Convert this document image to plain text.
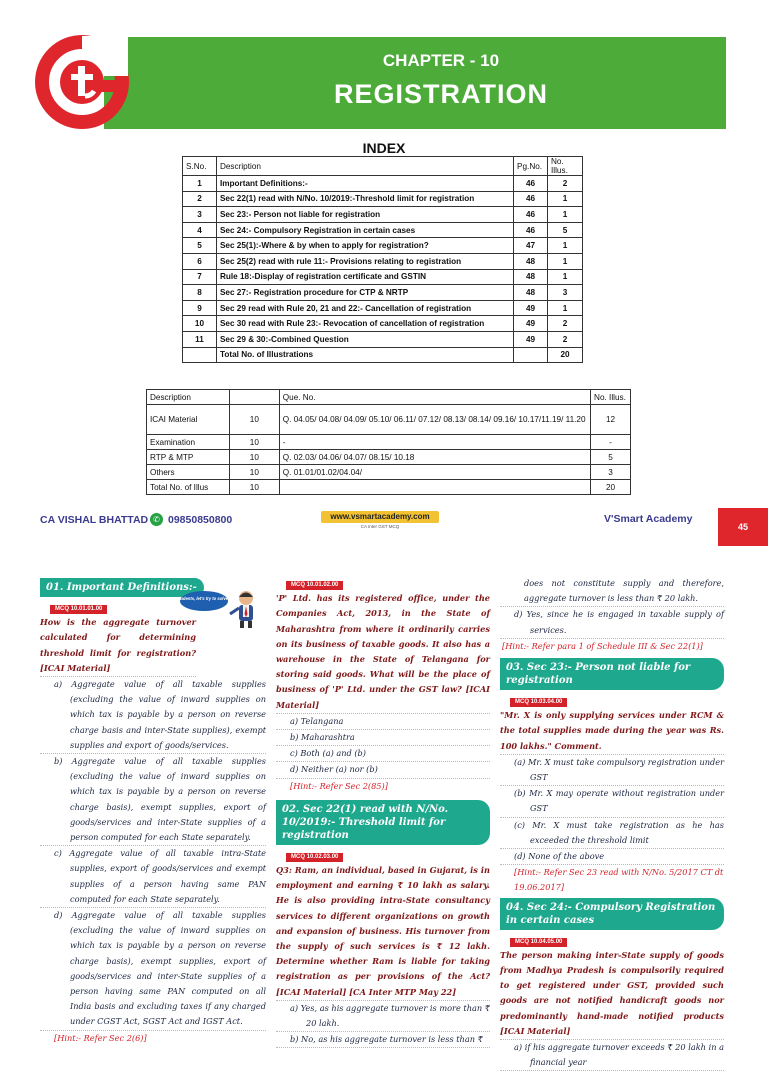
CHAPTER - 10
REGISTRATION
INDEX
S.No.	Description	Pg.No.	No. Illus.
1	Important Definitions:-	46	2
2	Sec 22(1) read with N/No. 10/2019:-Threshold limit for registration	46	1
3	Sec 23:- Person not liable for registration	46	1
4	Sec 24:- Compulsory Registration in certain cases	46	5
5	Sec 25(1):-Where & by when to apply for registration?	47	1
6	Sec 25(2) read with rule 11:- Provisions relating to registration	48	1
7	Rule 18:-Display of registration certificate and GSTIN	48	1
8	Sec 27:- Registration procedure for CTP & NRTP	48	3
9	Sec 29 read with Rule 20, 21 and 22:- Cancellation of registration	49	1
10	Sec 30 read with Rule 23:- Revocation of cancellation of registration	49	2
11	Sec 29 & 30:-Combined Question	49	2
	Total No. of Illustrations		20
Description		Que. No.	No. Illus.
ICAI Material	10	Q. 04.05/ 04.08/ 04.09/ 05.10/ 06.11/ 07.12/ 08.13/ 08.14/ 09.16/ 10.17/11.19/ 11.20	12
Examination	10	-	-
RTP & MTP	10	Q. 02.03/ 04.06/ 04.07/ 08.15/ 10.18	5
Others	10	Q. 01.01/01.02/04.04/	3
Total No. of Illus	10		20
CA VISHAL BHATTAD ✆ 09850850800	www.vsmartacademy.com
CA Inter GST MCQ
V'Smart Academy
45
01. Important Definitions:-
MCQ 10.01.01.00
How is the aggregate turnover calculated for determining threshold limit for registration? [ICAI Material]
a) Aggregate value of all taxable supplies (excluding the value of inward supplies on which tax is payable by a person on reverse charge basis and inter-State supplies), exempt supplies and export of goods/services.
b) Aggregate value of all taxable supplies (excluding the value of inward supplies on which tax is payable by a person on reverse charge basis), exempt supplies, export of goods/services and inter-State supplies of a person computed for each State separately.
c) Aggregate value of all taxable intra-State supplies, export of goods/services and exempt supplies of a person having same PAN computed for each State separately.
d) Aggregate value of all taxable supplies (excluding the value of inward supplies on which tax is payable by a person on reverse charge basis), exempt supplies, export of goods/services and inter-State supplies of a person having same PAN computed on all India basis and excluding taxes if any charged under CGST Act, SGST Act and IGST Act.
[Hint:- Refer Sec 2(6)]
Students, let's try to solve it
MCQ 10.01.02.00
'P' Ltd. has its registered office, under the Companies Act, 2013, in the State of Maharashtra from where it ordinarily carries on its business of taxable goods. It also has a warehouse in the State of Telangana for storing said goods. What will be the place of business of 'P' Ltd. under the GST law? [ICAI Material]
a) Telangana
b) Maharashtra
c) Both (a) and (b)
d) Neither (a) nor (b)
[Hint:- Refer Sec 2(85)]
02. Sec 22(1) read with N/No. 10/2019:- Threshold limit for registration
MCQ 10.02.03.00
Q3: Ram, an individual, based in Gujarat, is in employment and earning ₹ 10 lakh as salary. He is also providing intra-State consultancy services to different organizations on growth and expansion of business. His turnover from the supply of such services is ₹ 12 lakh. Determine whether Ram is liable for taking registration as per provisions of the Act? [ICAI Material] [CA Inter MTP May 22]
a) Yes, as his aggregate turnover is more than ₹ 20 lakh.
b) No, as his aggregate turnover is less than ₹
does not constitute supply and therefore, aggregate turnover is less than ₹ 20 lakh.
d) Yes, since he is engaged in taxable supply of services.
[Hint:- Refer para 1 of Schedule III & Sec 22(1)]
03. Sec 23:- Person not liable for registration
MCQ 10.03.04.00
"Mr. X is only supplying services under RCM & the total supplies made during the year was Rs. 100 lakhs." Comment.
(a) Mr. X must take compulsory registration under GST
(b) Mr. X may operate without registration under GST
(c) Mr. X must take registration as he has exceeded the threshold limit
(d) None of the above
[Hint:- Refer Sec 23 read with N/No. 5/2017 CT dt 19.06.2017]
04. Sec 24:- Compulsory Registration in certain cases
MCQ 10.04.05.00
The person making inter-State supply of goods from Madhya Pradesh is compulsorily required to get registered under GST, provided such goods are not notified handicraft goods nor predominantly hand-made notified products [ICAI Material]
a) if his aggregate turnover exceeds ₹ 20 lakh in a financial year
